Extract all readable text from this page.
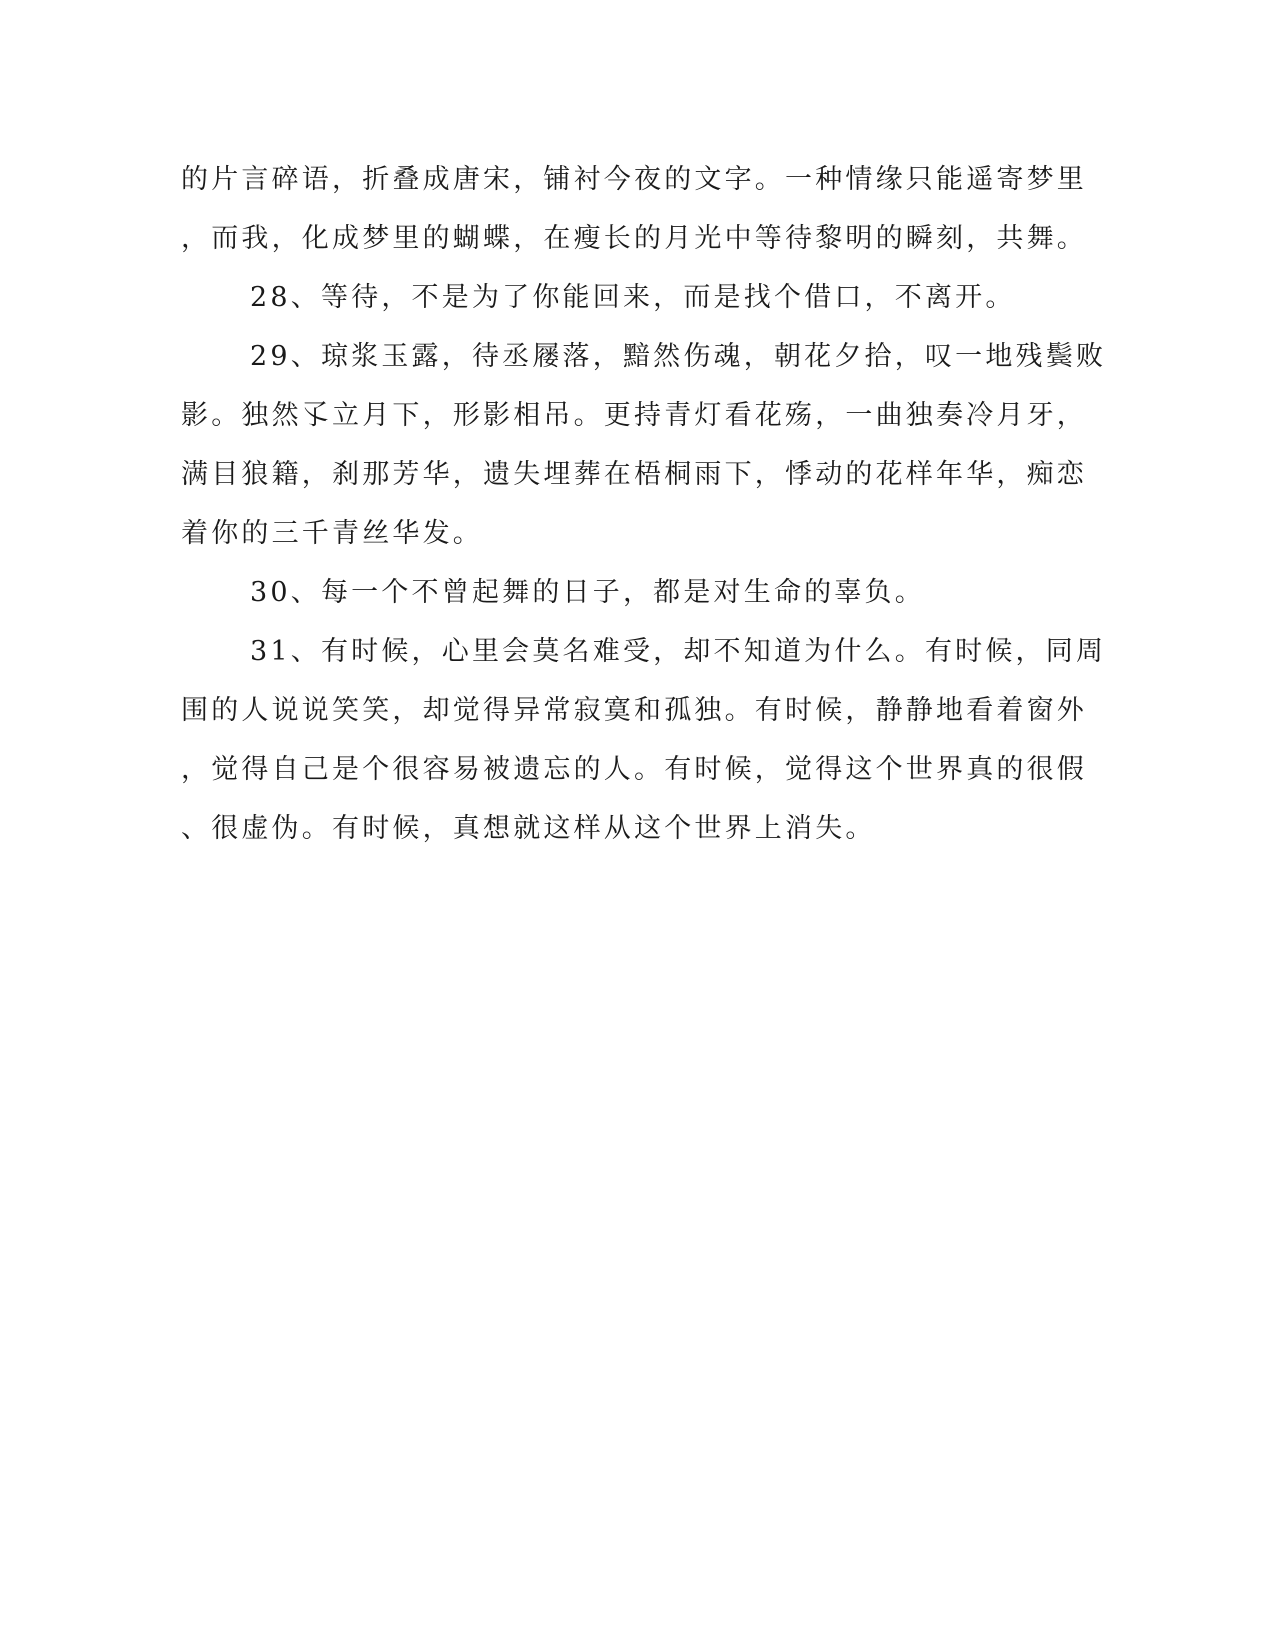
的片言碎语，折叠成唐宋，铺衬今夜的文字。一种情缘只能遥寄梦里
，而我，化成梦里的蝴蝶，在瘦长的月光中等待黎明的瞬刻，共舞。
28、等待，不是为了你能回来，而是找个借口，不离开。
29、琼浆玉露，待丞屦落，黯然伤魂，朝花夕拾，叹一地残鬓败
影。独然孓立月下，形影相吊。更持青灯看花殇，一曲独奏冷月牙，
满目狼籍，刹那芳华，遗失埋葬在梧桐雨下，悸动的花样年华，痴恋
着你的三千青丝华发。
30、每一个不曾起舞的日子，都是对生命的辜负。
31、有时候，心里会莫名难受，却不知道为什么。有时候，同周
围的人说说笑笑，却觉得异常寂寞和孤独。有时候，静静地看着窗外
，觉得自己是个很容易被遗忘的人。有时候，觉得这个世界真的很假
、很虚伪。有时候，真想就这样从这个世界上消失。
